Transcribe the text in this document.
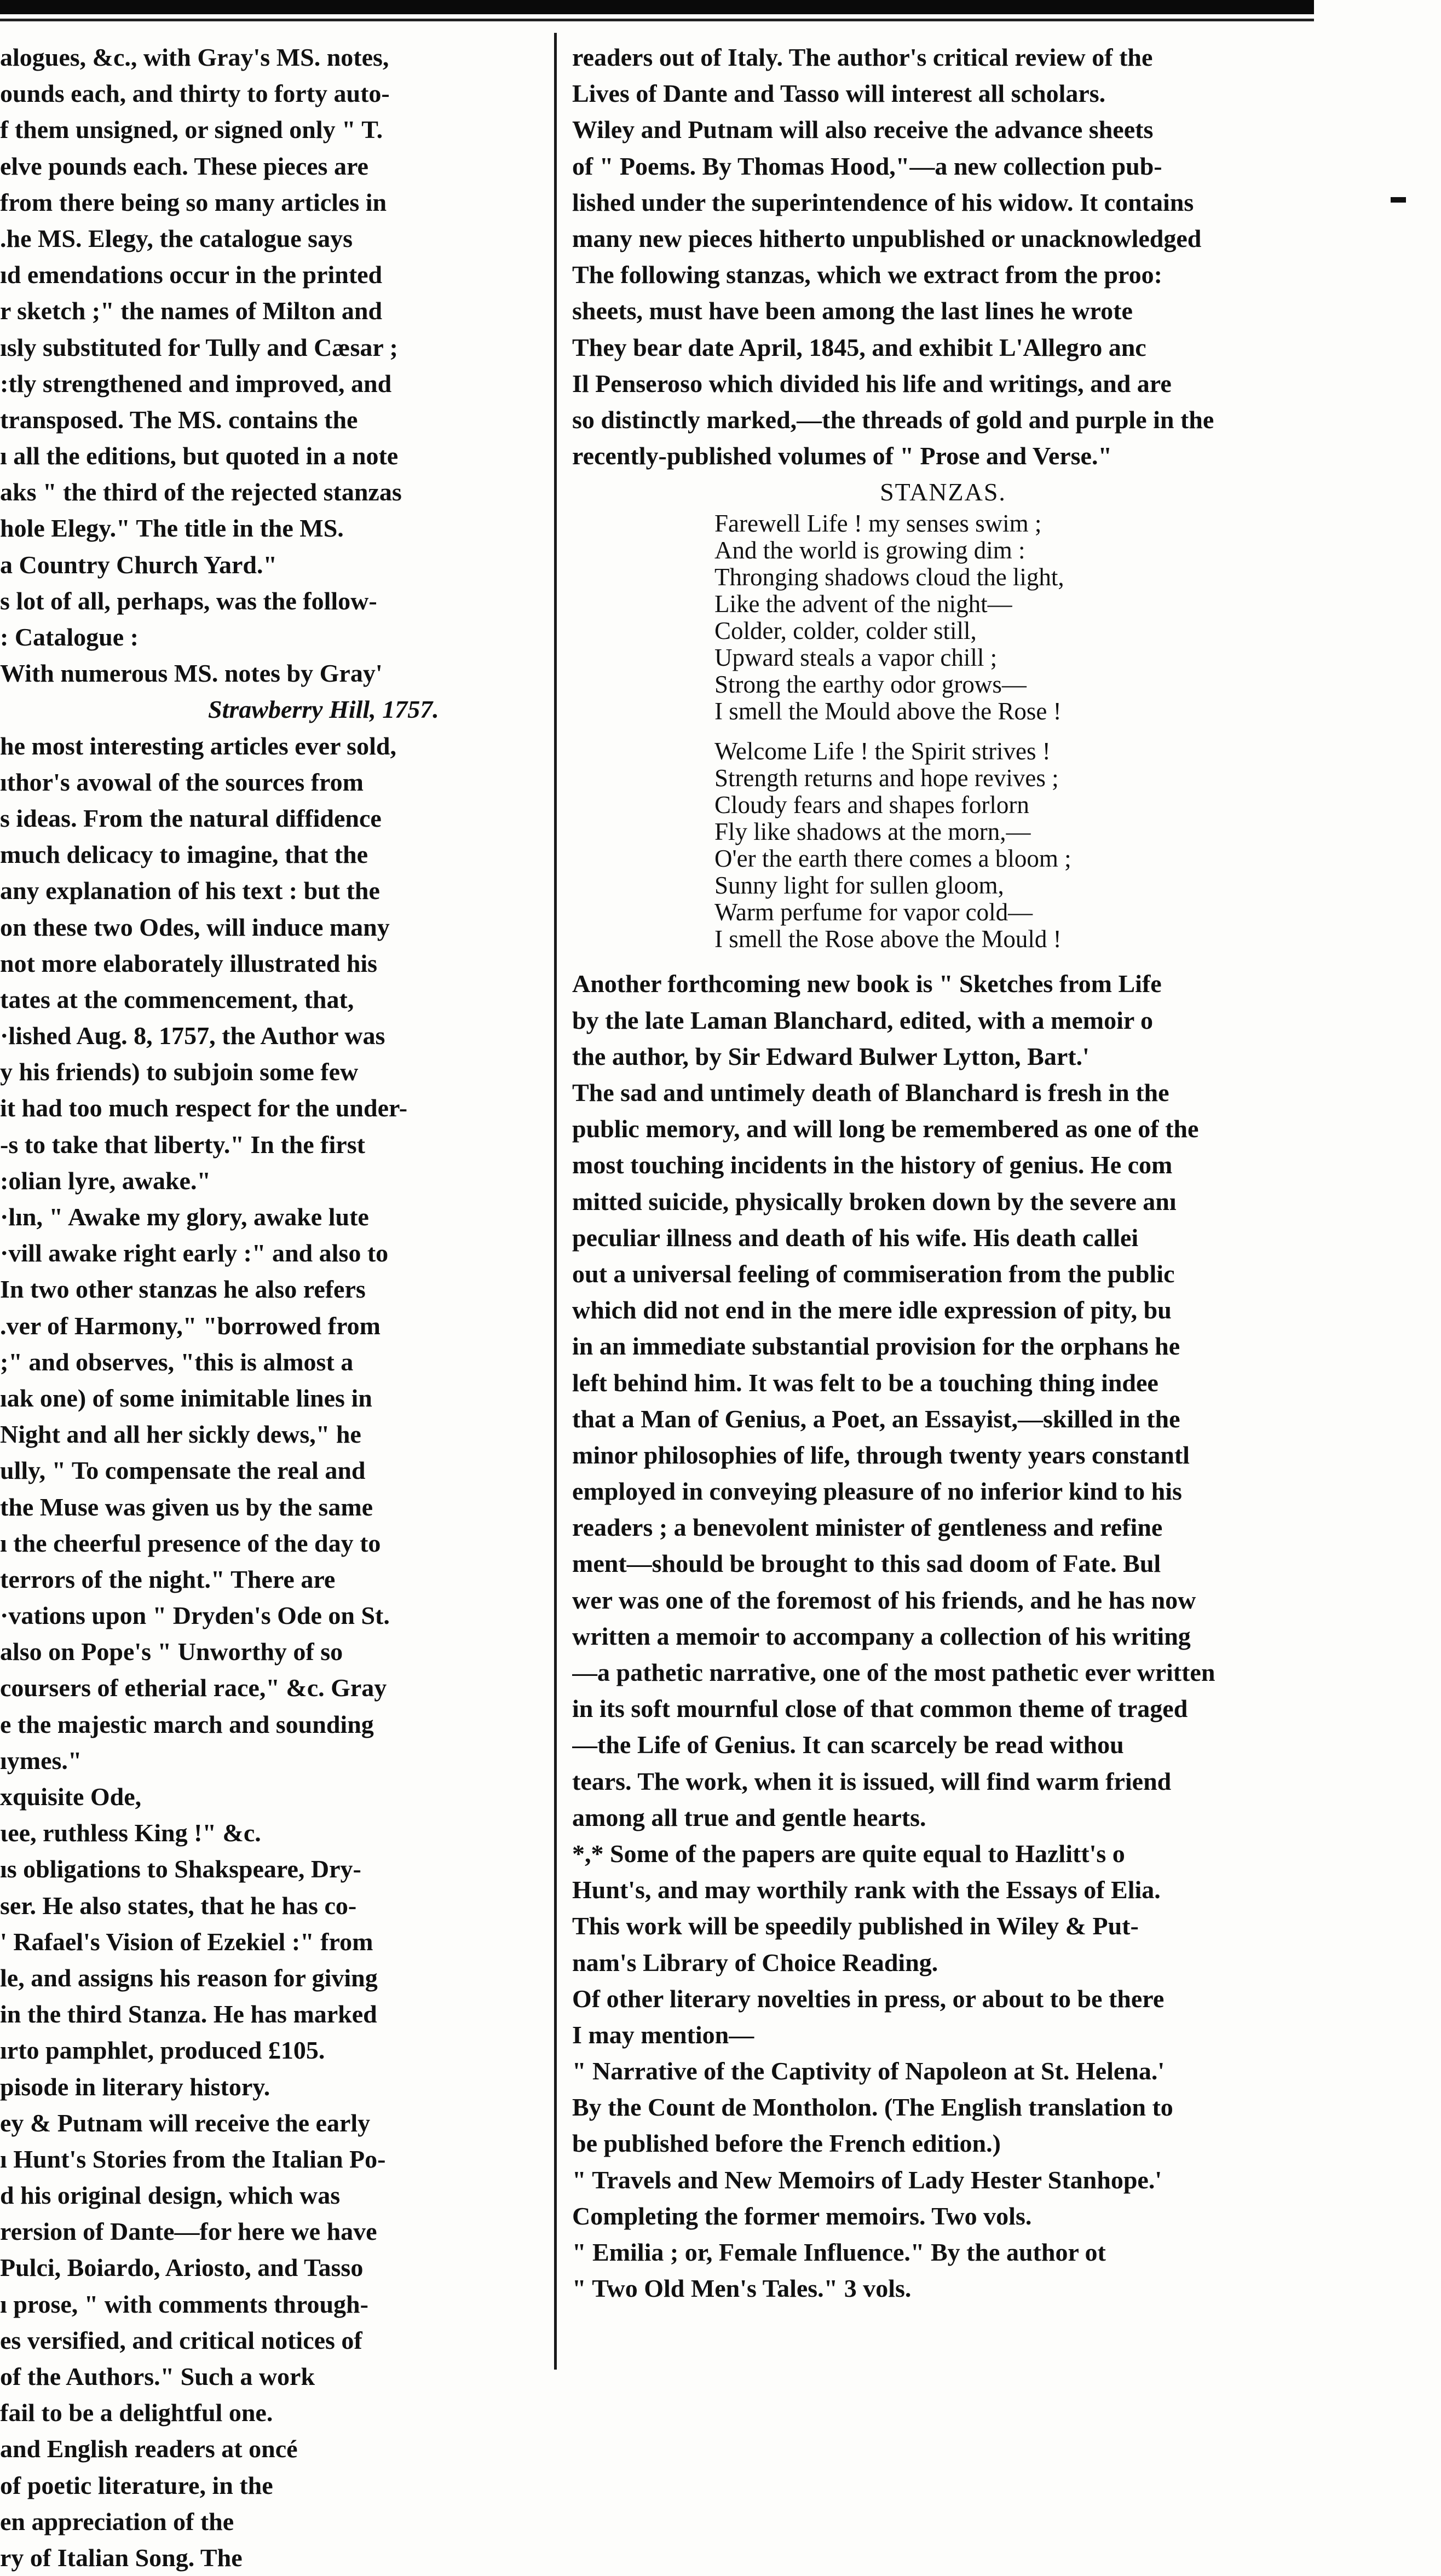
alogues, &c., with Gray's MS. notes,
ounds each, and thirty to forty auto-
f them unsigned, or signed only " T.
elve pounds each. These pieces are
from there being so many articles in
.he MS. Elegy, the catalogue says
ıd emendations occur in the printed
r sketch ;" the names of Milton and
ısly substituted for Tully and Cæsar ;
:tly strengthened and improved, and
transposed. The MS. contains the
ı all the editions, but quoted in a note
aks " the third of the rejected stanzas
hole Elegy." The title in the MS.
a Country Church Yard."
s lot of all, perhaps, was the follow-
: Catalogue :
With numerous MS. notes by Gray'
Strawberry Hill, 1757.
he most interesting articles ever sold,
ıthor's avowal of the sources from
s ideas. From the natural diffidence
much delicacy to imagine, that the
any explanation of his text : but the
on these two Odes, will induce many
not more elaborately illustrated his
tates at the commencement, that,
·lished Aug. 8, 1757, the Author was
y his friends) to subjoin some few
it had too much respect for the under-
-s to take that liberty." In the first
:olian lyre, awake."
·lın, " Awake my glory, awake lute
·vill awake right early :" and also to
In two other stanzas he also refers
.ver of Harmony," "borrowed from
;" and observes, "this is almost a
ıak one) of some inimitable lines in
Night and all her sickly dews," he
ully, " To compensate the real and
the Muse was given us by the same
ı the cheerful presence of the day to
terrors of the night." There are
·vations upon " Dryden's Ode on St.
also on Pope's " Unworthy of so
coursers of etherial race," &c. Gray
e the majestic march and sounding
ıymes."
xquisite Ode,
ιee, ruthless King !" &c.
ıs obligations to Shakspeare, Dry-
ser. He also states, that he has co-
' Rafael's Vision of Ezekiel :" from
le, and assigns his reason for giving
in the third Stanza. He has marked
ırto pamphlet, produced £105.
pisode in literary history.
ey & Putnam will receive the early
ı Hunt's Stories from the Italian Po-
d his original design, which was
rersion of Dante—for here we have
Pulci, Boiardo, Ariosto, and Tasso
ı prose, " with comments through-
es versified, and critical notices of
of the Authors." Such a work
fail to be a delightful one.
and English readers at oncé
of poetic literature, in the
en appreciation of the
ry of Italian Song. The
readers out of Italy. The author's critical review of the
Lives of Dante and Tasso will interest all scholars.
Wiley and Putnam will also receive the advance sheets
of " Poems. By Thomas Hood,"—a new collection pub-
lished under the superintendence of his widow. It contains
many new pieces hitherto unpublished or unacknowledged
The following stanzas, which we extract from the proo:
sheets, must have been among the last lines he wrote
They bear date April, 1845, and exhibit L'Allegro anc
Il Penseroso which divided his life and writings, and are
so distinctly marked,—the threads of gold and purple in the
recently-published volumes of " Prose and Verse."
STANZAS.
Farewell Life ! my senses swim ;
And the world is growing dim :
Thronging shadows cloud the light,
Like the advent of the night—
Colder, colder, colder still,
Upward steals a vapor chill ;
Strong the earthy odor grows—
I smell the Mould above the Rose !
Welcome Life ! the Spirit strives !
Strength returns and hope revives ;
Cloudy fears and shapes forlorn
Fly like shadows at the morn,—
O'er the earth there comes a bloom ;
Sunny light for sullen gloom,
Warm perfume for vapor cold—
I smell the Rose above the Mould !
Another forthcoming new book is " Sketches from Life
by the late Laman Blanchard, edited, with a memoir o
the author, by Sir Edward Bulwer Lytton, Bart.'
The sad and untimely death of Blanchard is fresh in the
public memory, and will long be remembered as one of the
most touching incidents in the history of genius. He com
mitted suicide, physically broken down by the severe anı
peculiar illness and death of his wife. His death callei
out a universal feeling of commiseration from the public
which did not end in the mere idle expression of pity, bu
in an immediate substantial provision for the orphans he
left behind him. It was felt to be a touching thing indee
that a Man of Genius, a Poet, an Essayist,—skilled in the
minor philosophies of life, through twenty years constantl
employed in conveying pleasure of no inferior kind to his
readers ; a benevolent minister of gentleness and refine
ment—should be brought to this sad doom of Fate. Bul
wer was one of the foremost of his friends, and he has now
written a memoir to accompany a collection of his writing
—a pathetic narrative, one of the most pathetic ever written
in its soft mournful close of that common theme of traged
—the Life of Genius. It can scarcely be read withou
tears. The work, when it is issued, will find warm friend
among all true and gentle hearts.
*,* Some of the papers are quite equal to Hazlitt's o
Hunt's, and may worthily rank with the Essays of Elia.
This work will be speedily published in Wiley & Put-
nam's Library of Choice Reading.
Of other literary novelties in press, or about to be there
I may mention—
" Narrative of the Captivity of Napoleon at St. Helena.'
By the Count de Montholon. (The English translation to
be published before the French edition.)
" Travels and New Memoirs of Lady Hester Stanhope.'
Completing the former memoirs. Two vols.
" Emilia ; or, Female Influence." By the author ot
" Two Old Men's Tales." 3 vols.
